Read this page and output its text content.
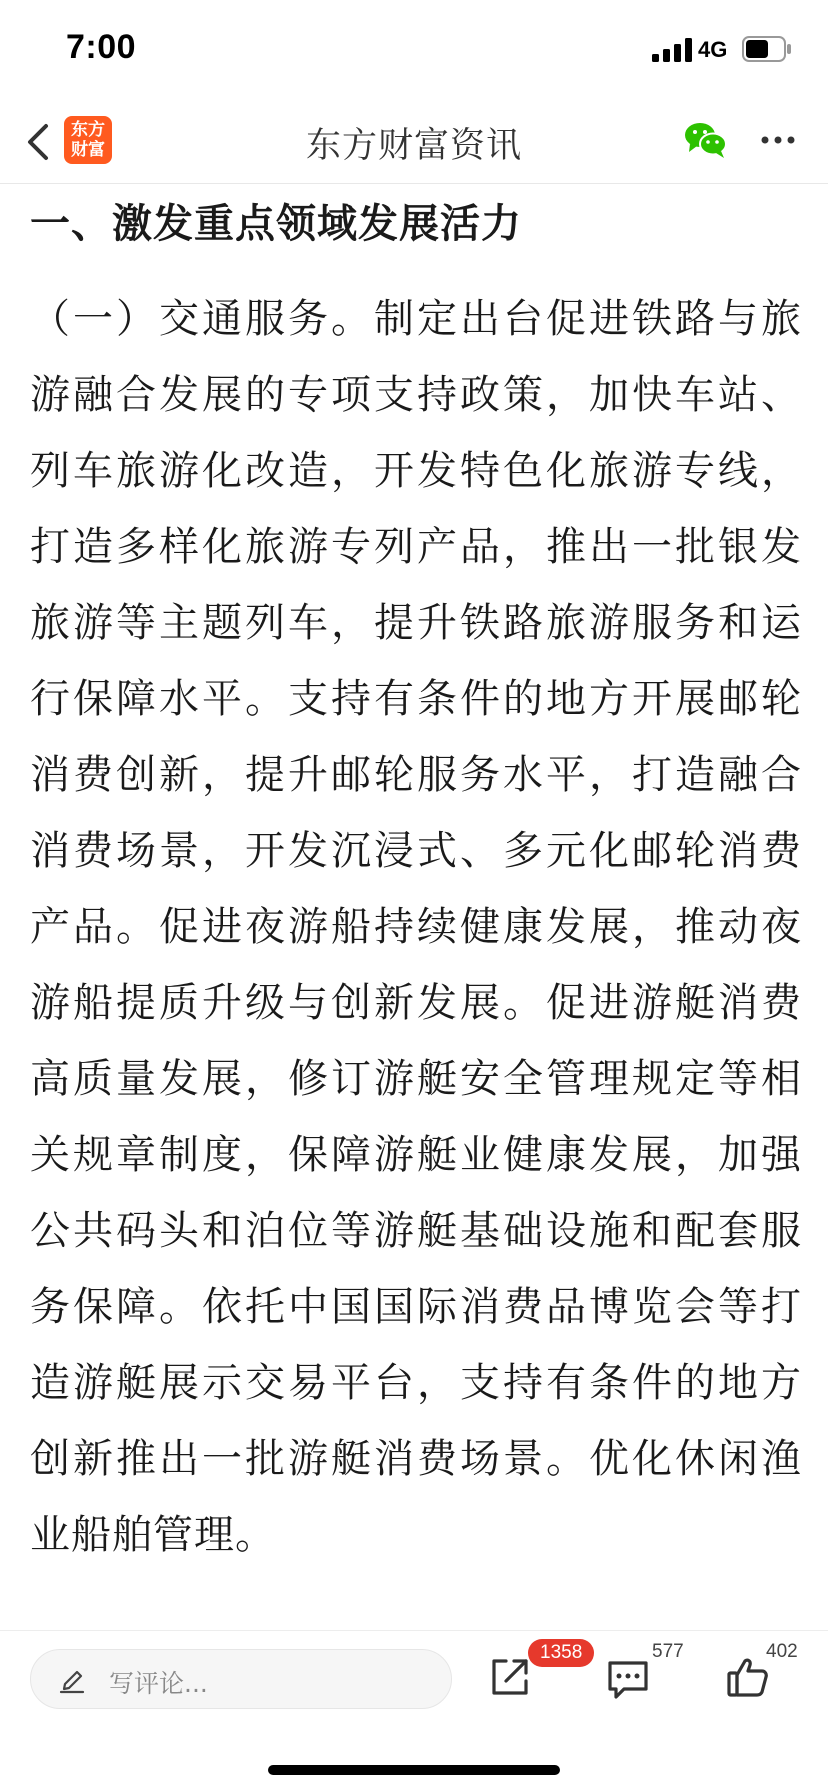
7:00	4G
东方
财富	东方财富资讯
一、激发重点领域发展活力

（一）交通服务。制定出台促进铁路与旅游融合发展的专项支持政策，加快车站、列车旅游化改造，开发特色化旅游专线，打造多样化旅游专列产品，推出一批银发旅游等主题列车，提升铁路旅游服务和运行保障水平。支持有条件的地方开展邮轮消费创新，提升邮轮服务水平，打造融合消费场景，开发沉浸式、多元化邮轮消费产品。促进夜游船持续健康发展，推动夜游船提质升级与创新发展。促进游艇消费高质量发展，修订游艇安全管理规定等相关规章制度，保障游艇业健康发展，加强公共码头和泊位等游艇基础设施和配套服务保障。依托中国国际消费品博览会等打造游艇展示交易平台，支持有条件的地方创新推出一批游艇消费场景。优化休闲渔业船舶管理。

写评论...
1358	577	402
